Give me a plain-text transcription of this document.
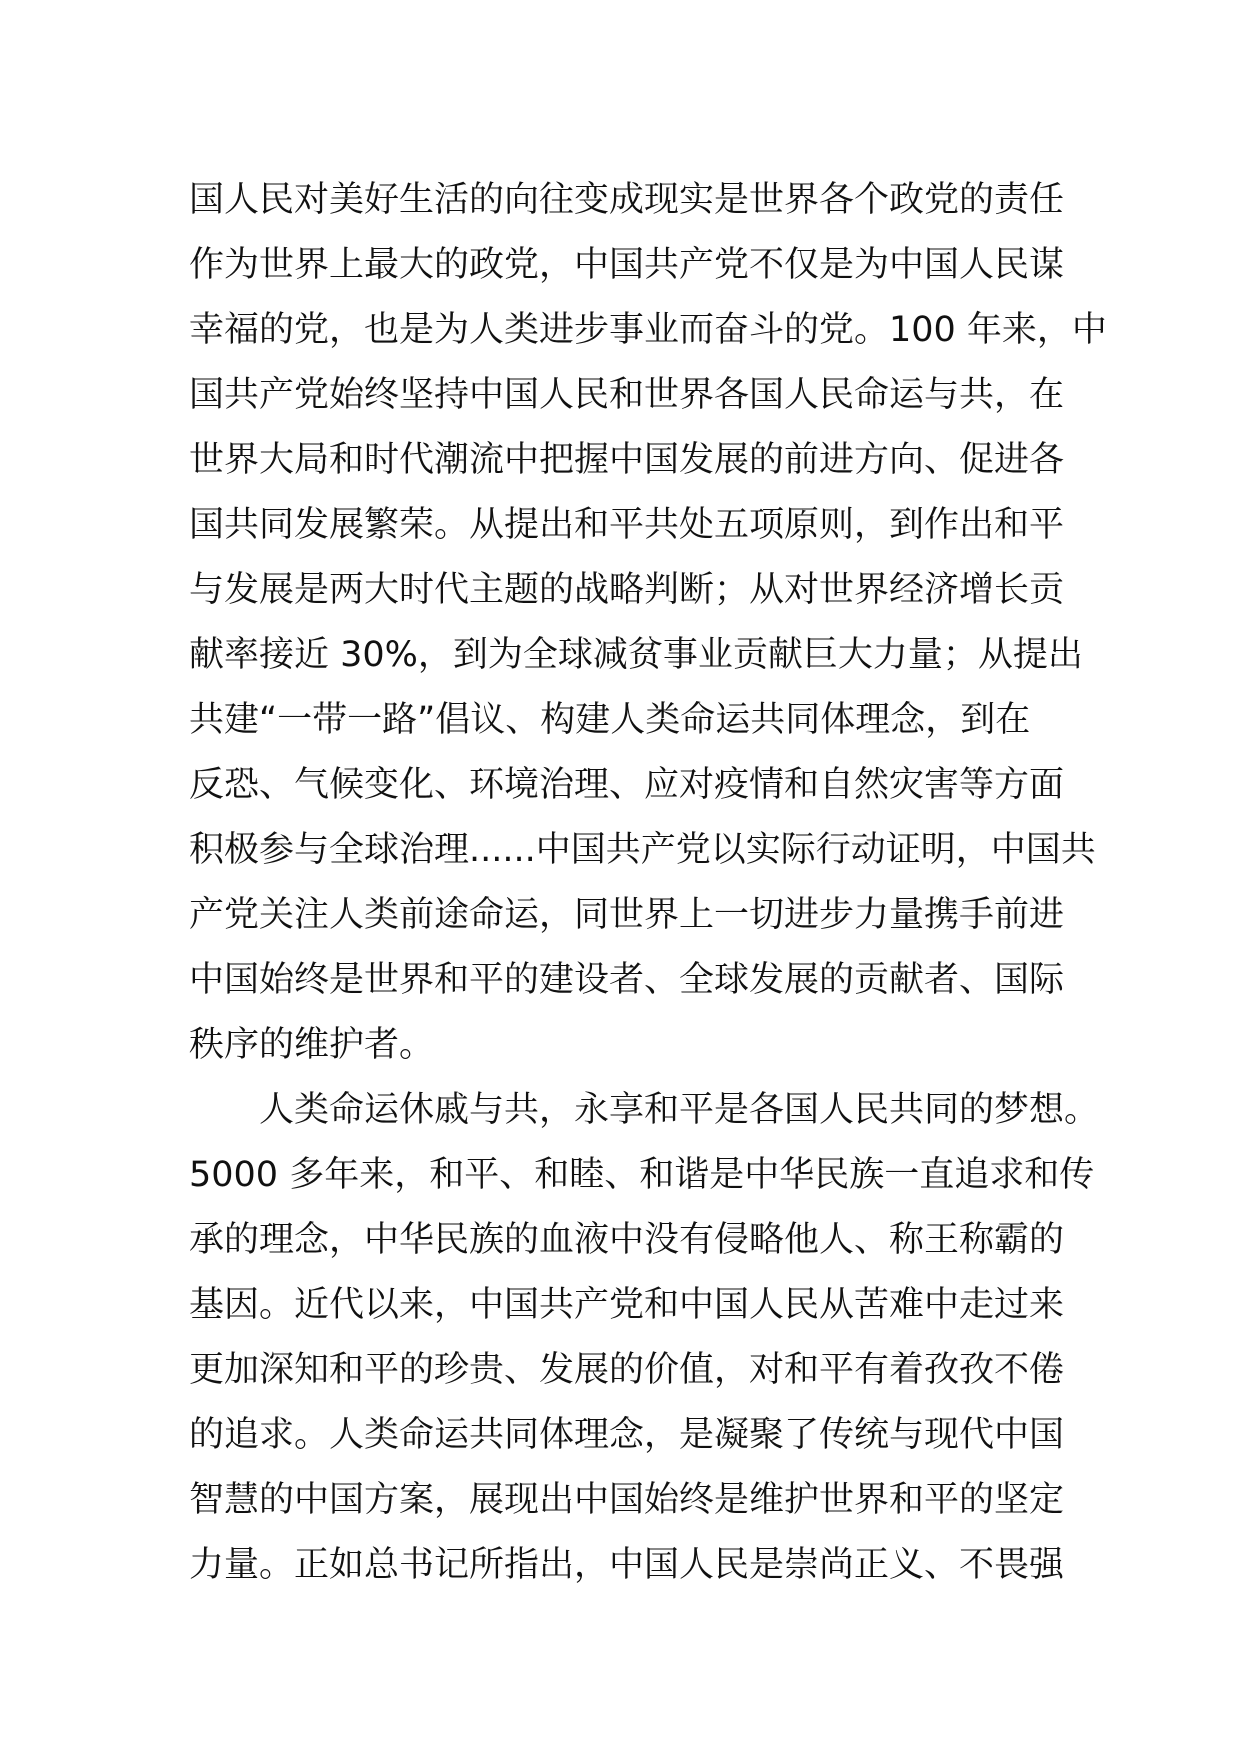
国人民对美好生活的向往变成现实是世界各个政党的责任
作为世界上最大的政党，中国共产党不仅是为中国人民谋
幸福的党，也是为人类进步事业而奋斗的党。100 年来，中
国共产党始终坚持中国人民和世界各国人民命运与共，在
世界大局和时代潮流中把握中国发展的前进方向、促进各
国共同发展繁荣。从提出和平共处五项原则，到作出和平
与发展是两大时代主题的战略判断；从对世界经济增长贡
献率接近 30%，到为全球减贫事业贡献巨大力量；从提出
共建“一带一路”倡议、构建人类命运共同体理念，到在
反恐、气候变化、环境治理、应对疫情和自然灾害等方面
积极参与全球治理......中国共产党以实际行动证明，中国共
产党关注人类前途命运，同世界上一切进步力量携手前进
中国始终是世界和平的建设者、全球发展的贡献者、国际
秩序的维护者。
人类命运休戚与共，永享和平是各国人民共同的梦想。
5000 多年来，和平、和睦、和谐是中华民族一直追求和传
承的理念，中华民族的血液中没有侵略他人、称王称霸的
基因。近代以来，中国共产党和中国人民从苦难中走过来
更加深知和平的珍贵、发展的价值，对和平有着孜孜不倦
的追求。人类命运共同体理念，是凝聚了传统与现代中国
智慧的中国方案，展现出中国始终是维护世界和平的坚定
力量。正如总书记所指出，中国人民是崇尚正义、不畏强
